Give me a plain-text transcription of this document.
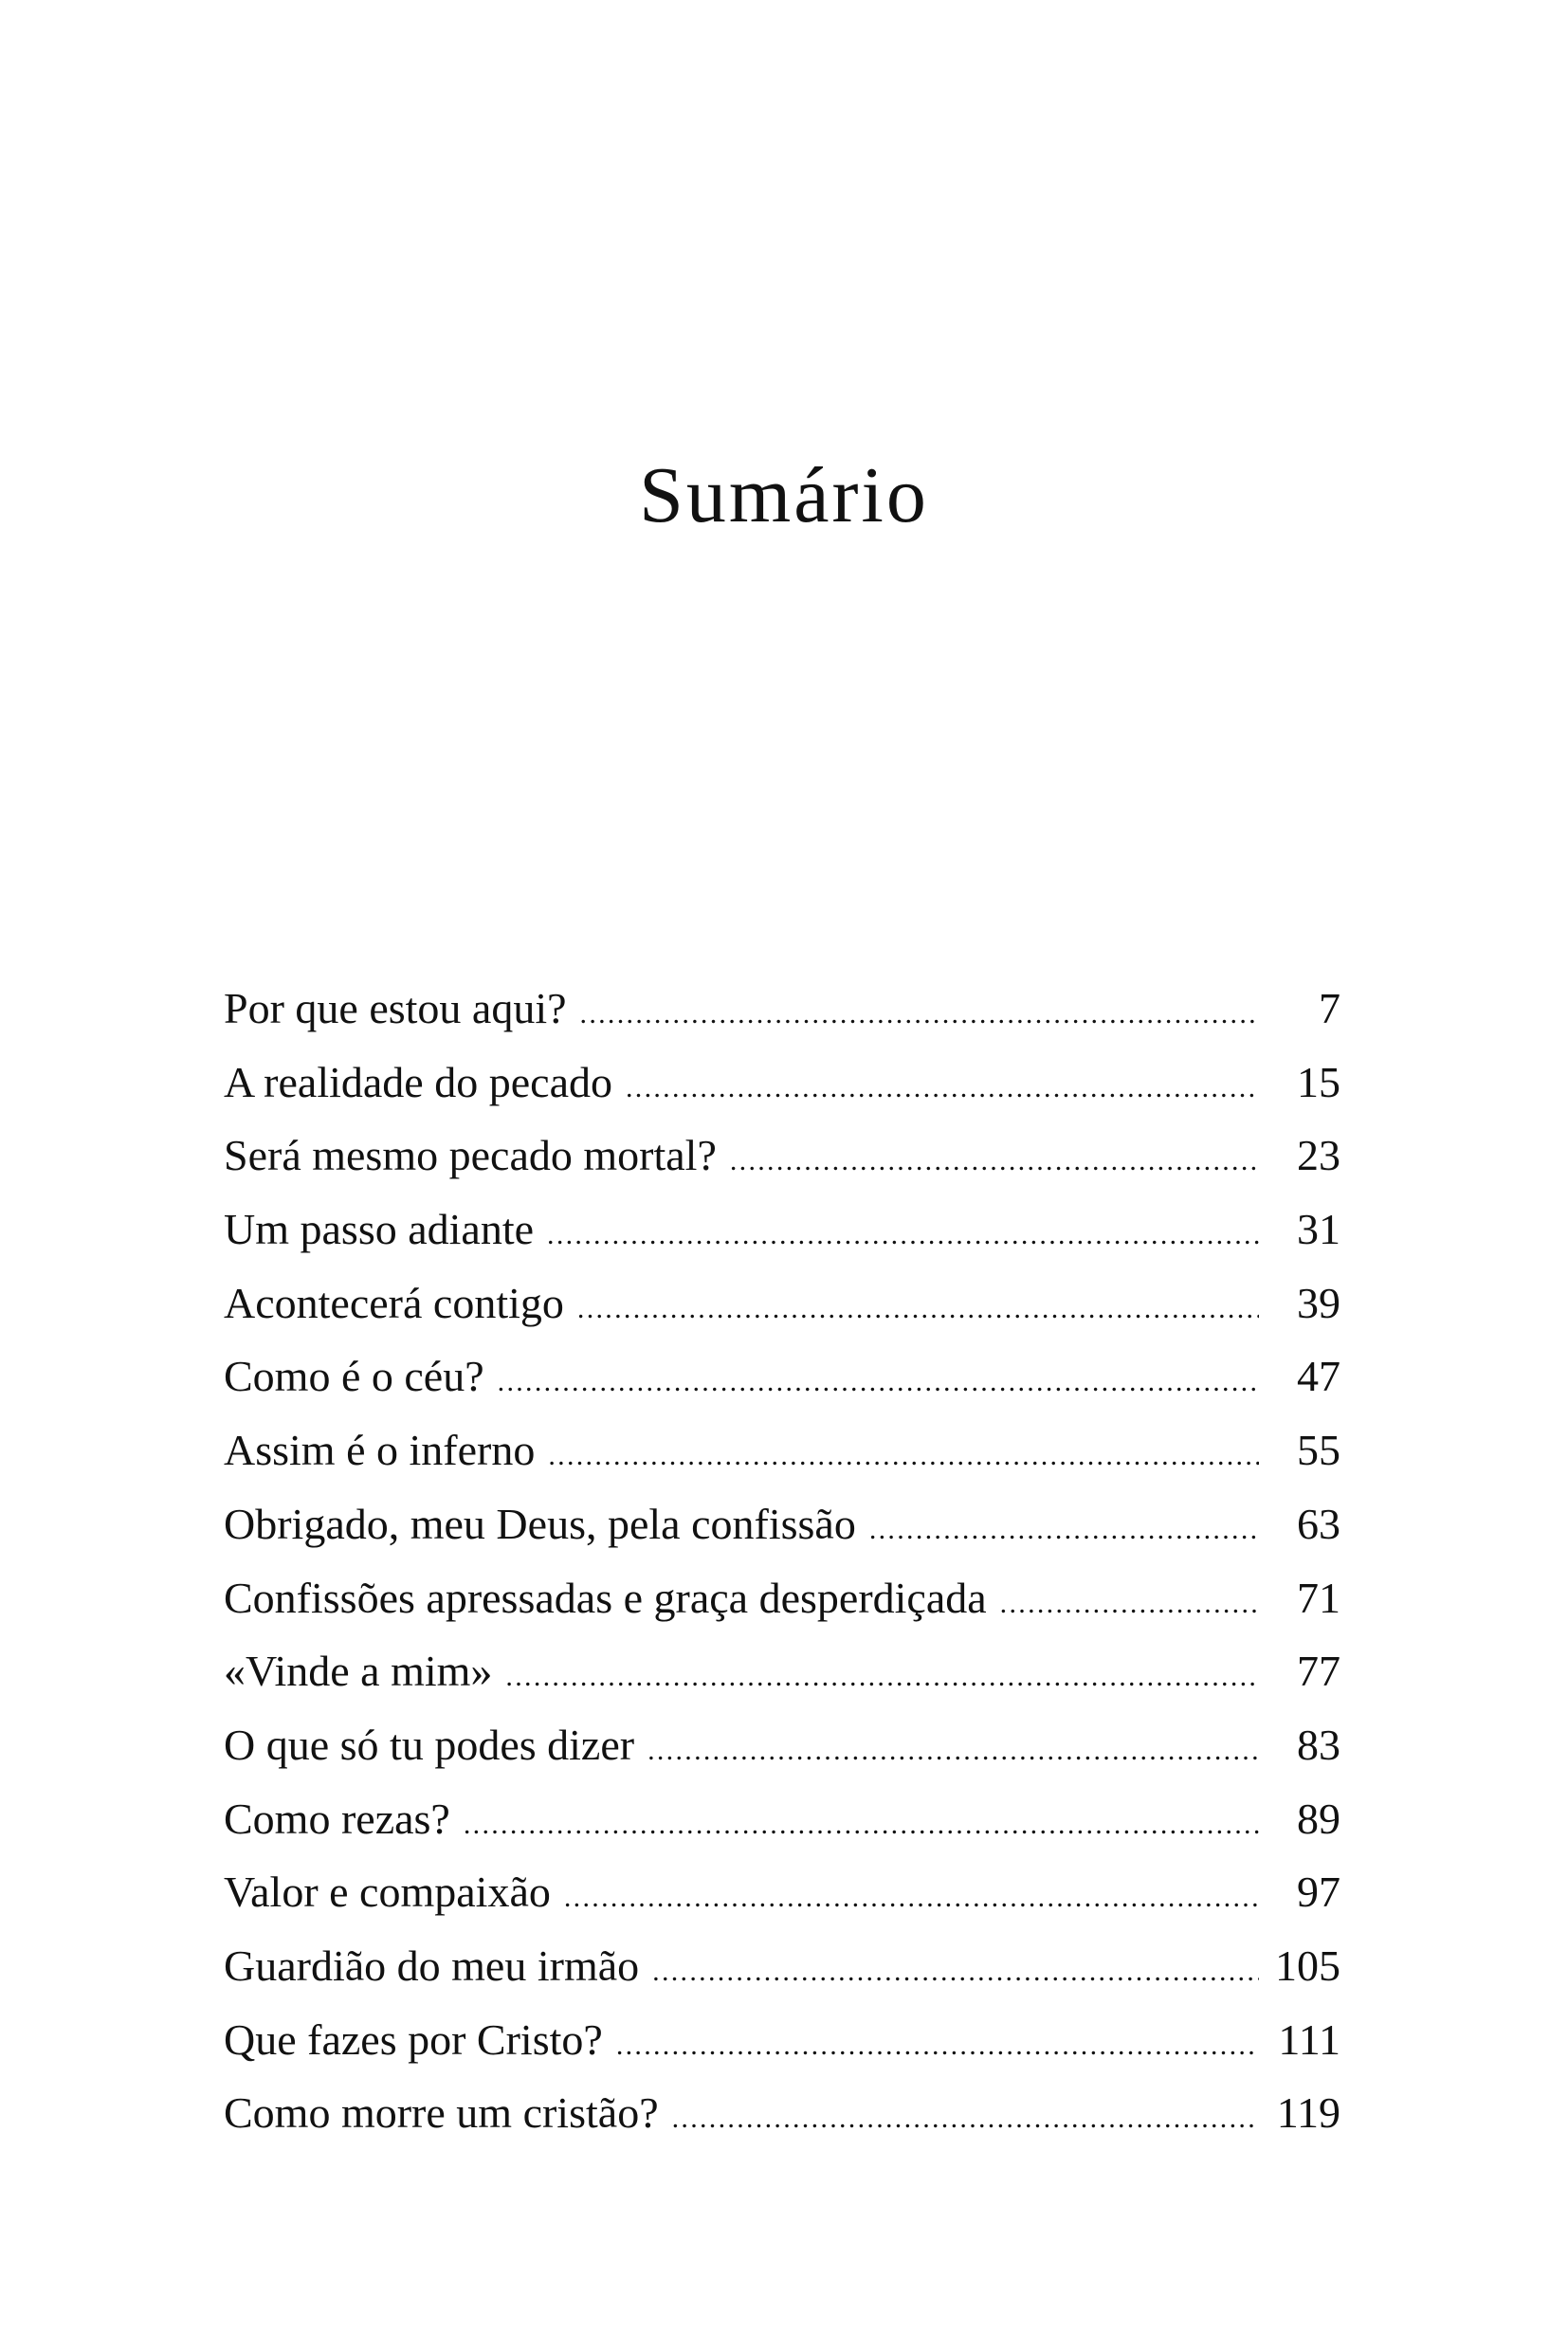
Sumário
Por que estou aqui? .....	7
A realidade do pecado .....	15
Será mesmo pecado mortal? .....	23
Um passo adiante .....	31
Acontecerá contigo .....	39
Como é o céu? .....	47
Assim é o inferno .....	55
Obrigado, meu Deus, pela confissão .....	63
Confissões apressadas e graça desperdiçada .....	71
«Vinde a mim» .....	77
O que só tu podes dizer .....	83
Como rezas? .....	89
Valor e compaixão .....	97
Guardião do meu irmão .....	105
Que fazes por Cristo? .....	111
Como morre um cristão? .....	119
